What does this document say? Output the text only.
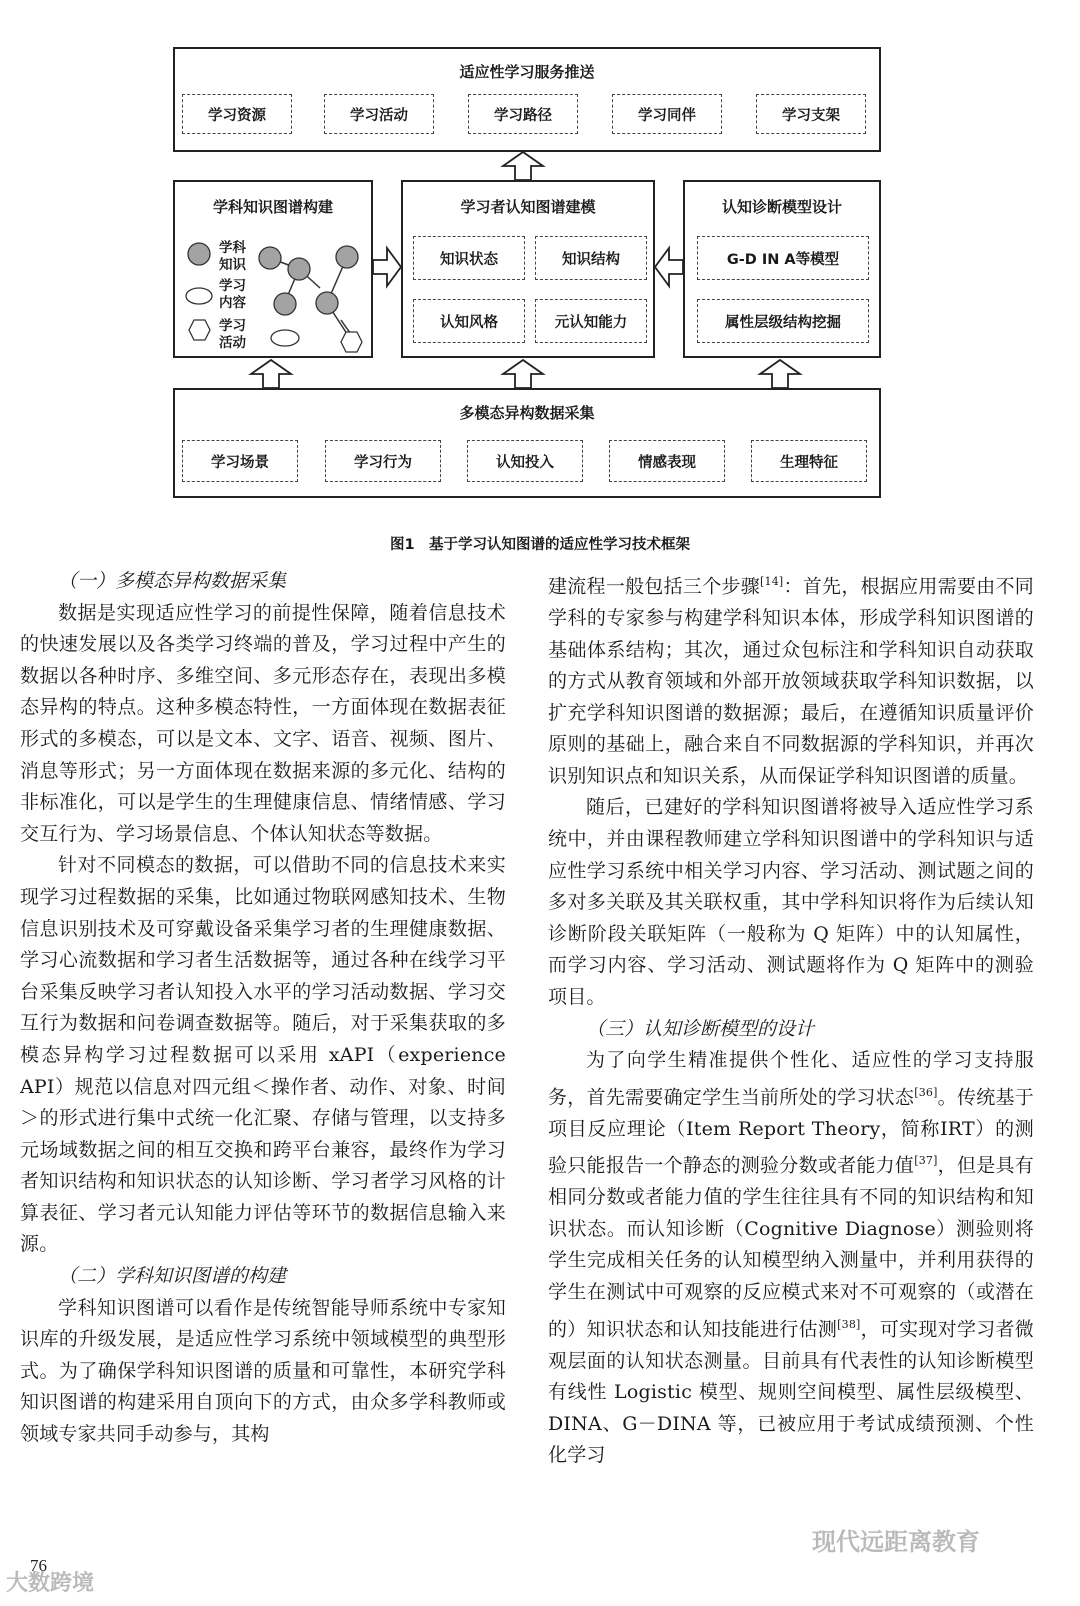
适应性学习服务推送
学习资源	学习活动	学习路径	学习同伴	学习支架
学科知识图谱构建
学科知识
学习内容
学习活动
学习者认知图谱建模
知识状态	知识结构
认知风格	元认知能力
认知诊断模型设计
G-D IN A等模型
属性层级结构挖掘
多模态异构数据采集
学习场景	学习行为	认知投入	情感表现	生理特征
图1　基于学习认知图谱的适应性学习技术框架
（一）多模态异构数据采集

数据是实现适应性学习的前提性保障，随着信息技术的快速发展以及各类学习终端的普及，学习过程中产生的数据以各种时序、多维空间、多元形态存在，表现出多模态异构的特点。这种多模态特性，一方面体现在数据表征形式的多模态，可以是文本、文字、语音、视频、图片、消息等形式；另一方面体现在数据来源的多元化、结构的非标准化，可以是学生的生理健康信息、情绪情感、学习交互行为、学习场景信息、个体认知状态等数据。

针对不同模态的数据，可以借助不同的信息技术来实现学习过程数据的采集，比如通过物联网感知技术、生物信息识别技术及可穿戴设备采集学习者的生理健康数据、学习心流数据和学习者生活数据等，通过各种在线学习平台采集反映学习者认知投入水平的学习活动数据、学习交互行为数据和问卷调查数据等。随后，对于采集获取的多模态异构学习过程数据可以采用 xAPI（experience API）规范以信息对四元组＜操作者、动作、对象、时间＞的形式进行集中式统一化汇聚、存储与管理，以支持多元场域数据之间的相互交换和跨平台兼容，最终作为学习者知识结构和知识状态的认知诊断、学习者学习风格的计算表征、学习者元认知能力评估等环节的数据信息输入来源。

（二）学科知识图谱的构建

学科知识图谱可以看作是传统智能导师系统中专家知识库的升级发展，是适应性学习系统中领域模型的典型形式。为了确保学科知识图谱的质量和可靠性，本研究学科知识图谱的构建采用自顶向下的方式，由众多学科教师或领域专家共同手动参与，其构

建流程一般包括三个步骤[14]：首先，根据应用需要由不同学科的专家参与构建学科知识本体，形成学科知识图谱的基础体系结构；其次，通过众包标注和学科知识自动获取的方式从教育领域和外部开放领域获取学科知识数据，以扩充学科知识图谱的数据源；最后，在遵循知识质量评价原则的基础上，融合来自不同数据源的学科知识，并再次识别知识点和知识关系，从而保证学科知识图谱的质量。

随后，已建好的学科知识图谱将被导入适应性学习系统中，并由课程教师建立学科知识图谱中的学科知识与适应性学习系统中相关学习内容、学习活动、测试题之间的多对多关联及其关联权重，其中学科知识将作为后续认知诊断阶段关联矩阵（一般称为 Q 矩阵）中的认知属性，而学习内容、学习活动、测试题将作为 Q 矩阵中的测验项目。

（三）认知诊断模型的设计

为了向学生精准提供个性化、适应性的学习支持服务，首先需要确定学生当前所处的学习状态[36]。传统基于项目反应理论（Item Report Theory，简称IRT）的测验只能报告一个静态的测验分数或者能力值[37]，但是具有相同分数或者能力值的学生往往具有不同的知识结构和知识状态。而认知诊断（Cognitive Diagnose）测验则将学生完成相关任务的认知模型纳入测量中，并利用获得的学生在测试中可观察的反应模式来对不可观察的（或潜在的）知识状态和认知技能进行估测[38]，可实现对学习者微观层面的认知状态测量。目前具有代表性的认知诊断模型有线性 Logistic 模型、规则空间模型、属性层级模型、DINA、G－DINA 等，已被应用于考试成绩预测、个性化学习

76
大数跨境
现代远距离教育
